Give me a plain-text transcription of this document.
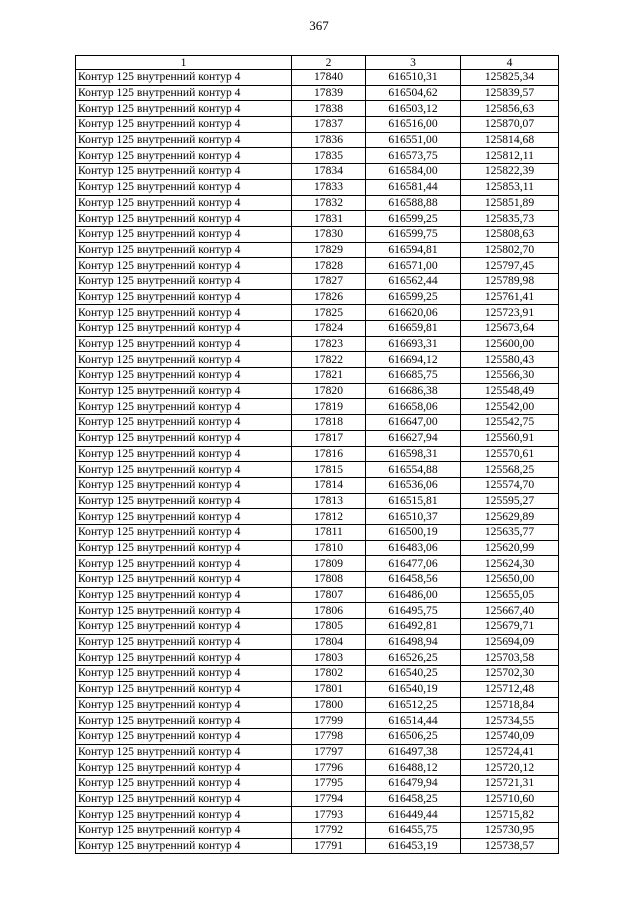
367
1	2	3	4
Контур 125 внутренний контур 4	17840	616510,31	125825,34
Контур 125 внутренний контур 4	17839	616504,62	125839,57
Контур 125 внутренний контур 4	17838	616503,12	125856,63
Контур 125 внутренний контур 4	17837	616516,00	125870,07
Контур 125 внутренний контур 4	17836	616551,00	125814,68
Контур 125 внутренний контур 4	17835	616573,75	125812,11
Контур 125 внутренний контур 4	17834	616584,00	125822,39
Контур 125 внутренний контур 4	17833	616581,44	125853,11
Контур 125 внутренний контур 4	17832	616588,88	125851,89
Контур 125 внутренний контур 4	17831	616599,25	125835,73
Контур 125 внутренний контур 4	17830	616599,75	125808,63
Контур 125 внутренний контур 4	17829	616594,81	125802,70
Контур 125 внутренний контур 4	17828	616571,00	125797,45
Контур 125 внутренний контур 4	17827	616562,44	125789,98
Контур 125 внутренний контур 4	17826	616599,25	125761,41
Контур 125 внутренний контур 4	17825	616620,06	125723,91
Контур 125 внутренний контур 4	17824	616659,81	125673,64
Контур 125 внутренний контур 4	17823	616693,31	125600,00
Контур 125 внутренний контур 4	17822	616694,12	125580,43
Контур 125 внутренний контур 4	17821	616685,75	125566,30
Контур 125 внутренний контур 4	17820	616686,38	125548,49
Контур 125 внутренний контур 4	17819	616658,06	125542,00
Контур 125 внутренний контур 4	17818	616647,00	125542,75
Контур 125 внутренний контур 4	17817	616627,94	125560,91
Контур 125 внутренний контур 4	17816	616598,31	125570,61
Контур 125 внутренний контур 4	17815	616554,88	125568,25
Контур 125 внутренний контур 4	17814	616536,06	125574,70
Контур 125 внутренний контур 4	17813	616515,81	125595,27
Контур 125 внутренний контур 4	17812	616510,37	125629,89
Контур 125 внутренний контур 4	17811	616500,19	125635,77
Контур 125 внутренний контур 4	17810	616483,06	125620,99
Контур 125 внутренний контур 4	17809	616477,06	125624,30
Контур 125 внутренний контур 4	17808	616458,56	125650,00
Контур 125 внутренний контур 4	17807	616486,00	125655,05
Контур 125 внутренний контур 4	17806	616495,75	125667,40
Контур 125 внутренний контур 4	17805	616492,81	125679,71
Контур 125 внутренний контур 4	17804	616498,94	125694,09
Контур 125 внутренний контур 4	17803	616526,25	125703,58
Контур 125 внутренний контур 4	17802	616540,25	125702,30
Контур 125 внутренний контур 4	17801	616540,19	125712,48
Контур 125 внутренний контур 4	17800	616512,25	125718,84
Контур 125 внутренний контур 4	17799	616514,44	125734,55
Контур 125 внутренний контур 4	17798	616506,25	125740,09
Контур 125 внутренний контур 4	17797	616497,38	125724,41
Контур 125 внутренний контур 4	17796	616488,12	125720,12
Контур 125 внутренний контур 4	17795	616479,94	125721,31
Контур 125 внутренний контур 4	17794	616458,25	125710,60
Контур 125 внутренний контур 4	17793	616449,44	125715,82
Контур 125 внутренний контур 4	17792	616455,75	125730,95
Контур 125 внутренний контур 4	17791	616453,19	125738,57
